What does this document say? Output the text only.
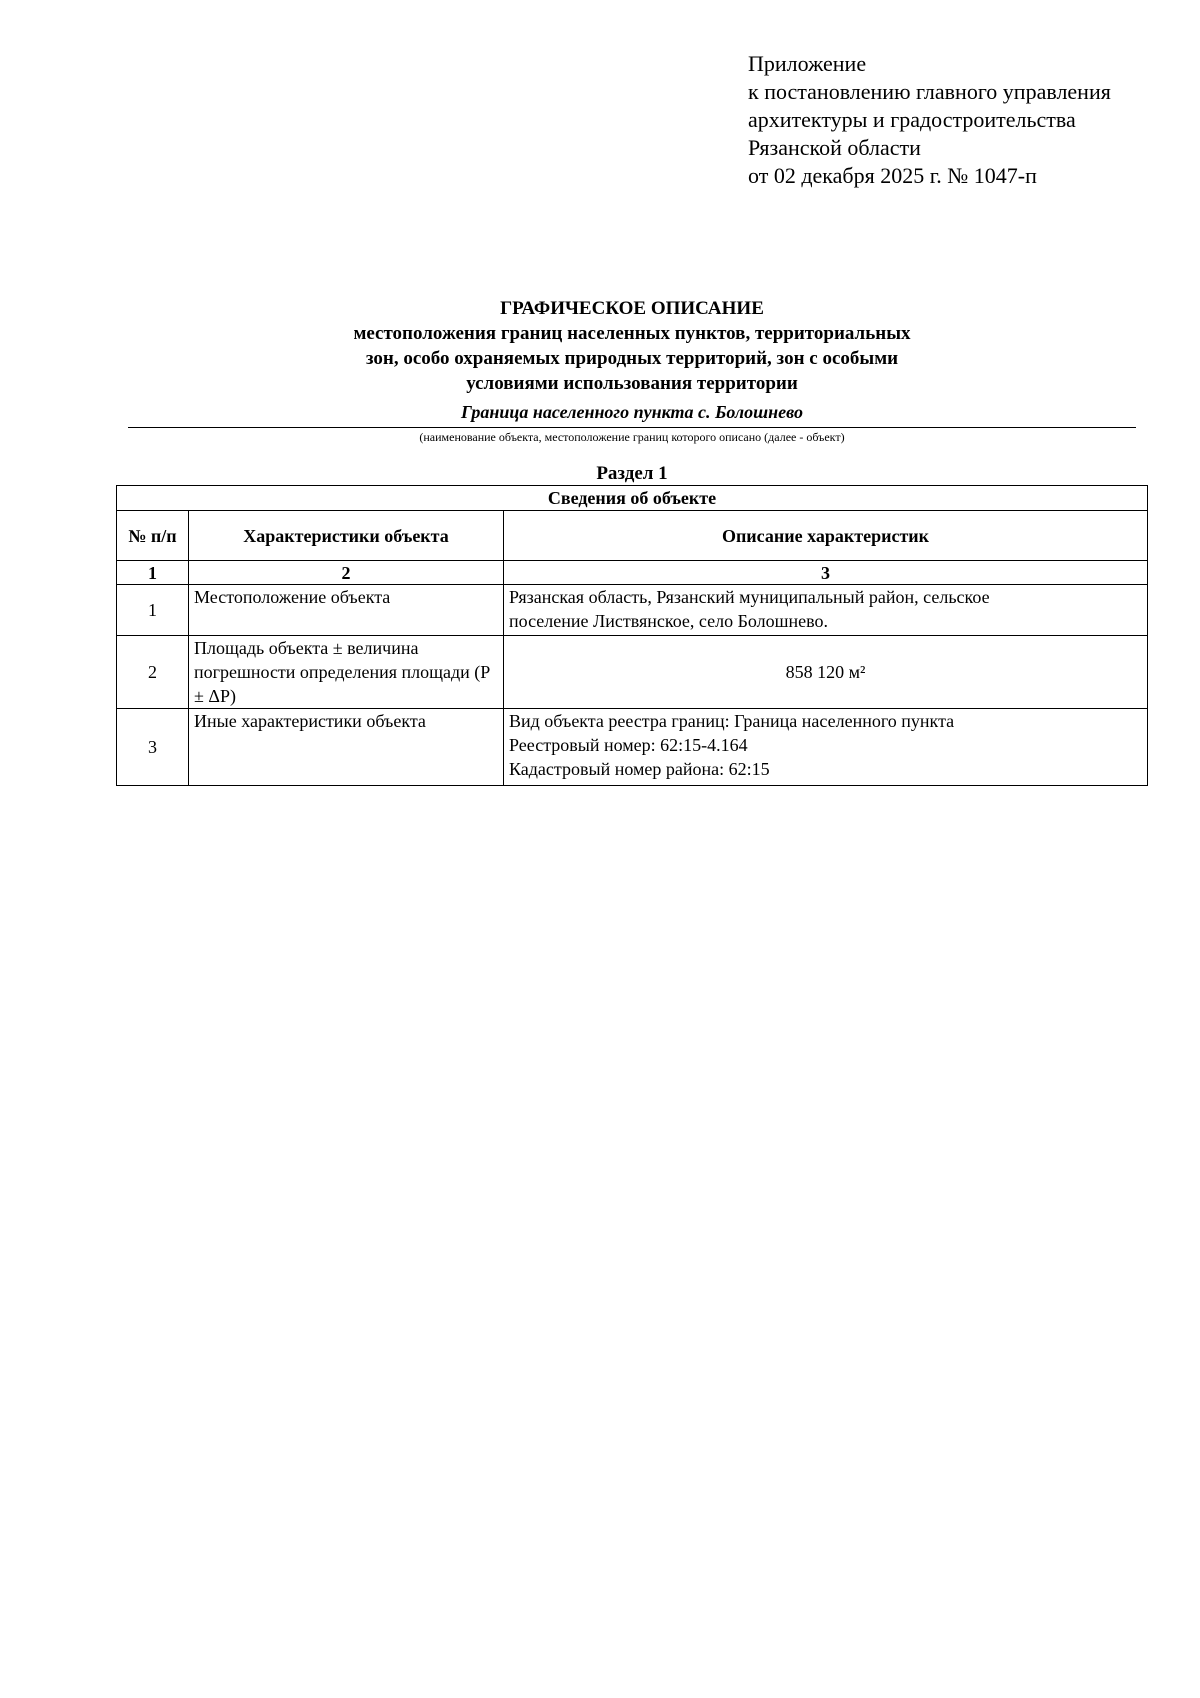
Приложение
к постановлению главного управления
архитектуры и градостроительства
Рязанской области
от 02 декабря 2025 г. № 1047-п
ГРАФИЧЕСКОЕ ОПИСАНИЕ
местоположения границ населенных пунктов, территориальных
зон, особо охраняемых природных территорий, зон с особыми
условиями использования территории
Граница населенного пункта с. Болошнево
(наименование объекта, местоположение границ которого описано (далее - объект)
Раздел 1
Сведения об объекте		
№ п/п	Характеристики объекта	Описание характеристик
1	2	3
1	Местоположение объекта	Рязанская область, Рязанский муниципальный район, сельское
поселение Листвянское, село Болошнево.

2	Площадь объекта ± величина погрешности определения площади (Р ± ΔР)	858 120 м²

3	Иные характеристики объекта	Вид объекта реестра границ: Граница населенного пункта
Реестровый номер: 62:15-4.164
Кадастровый номер района: 62:15
